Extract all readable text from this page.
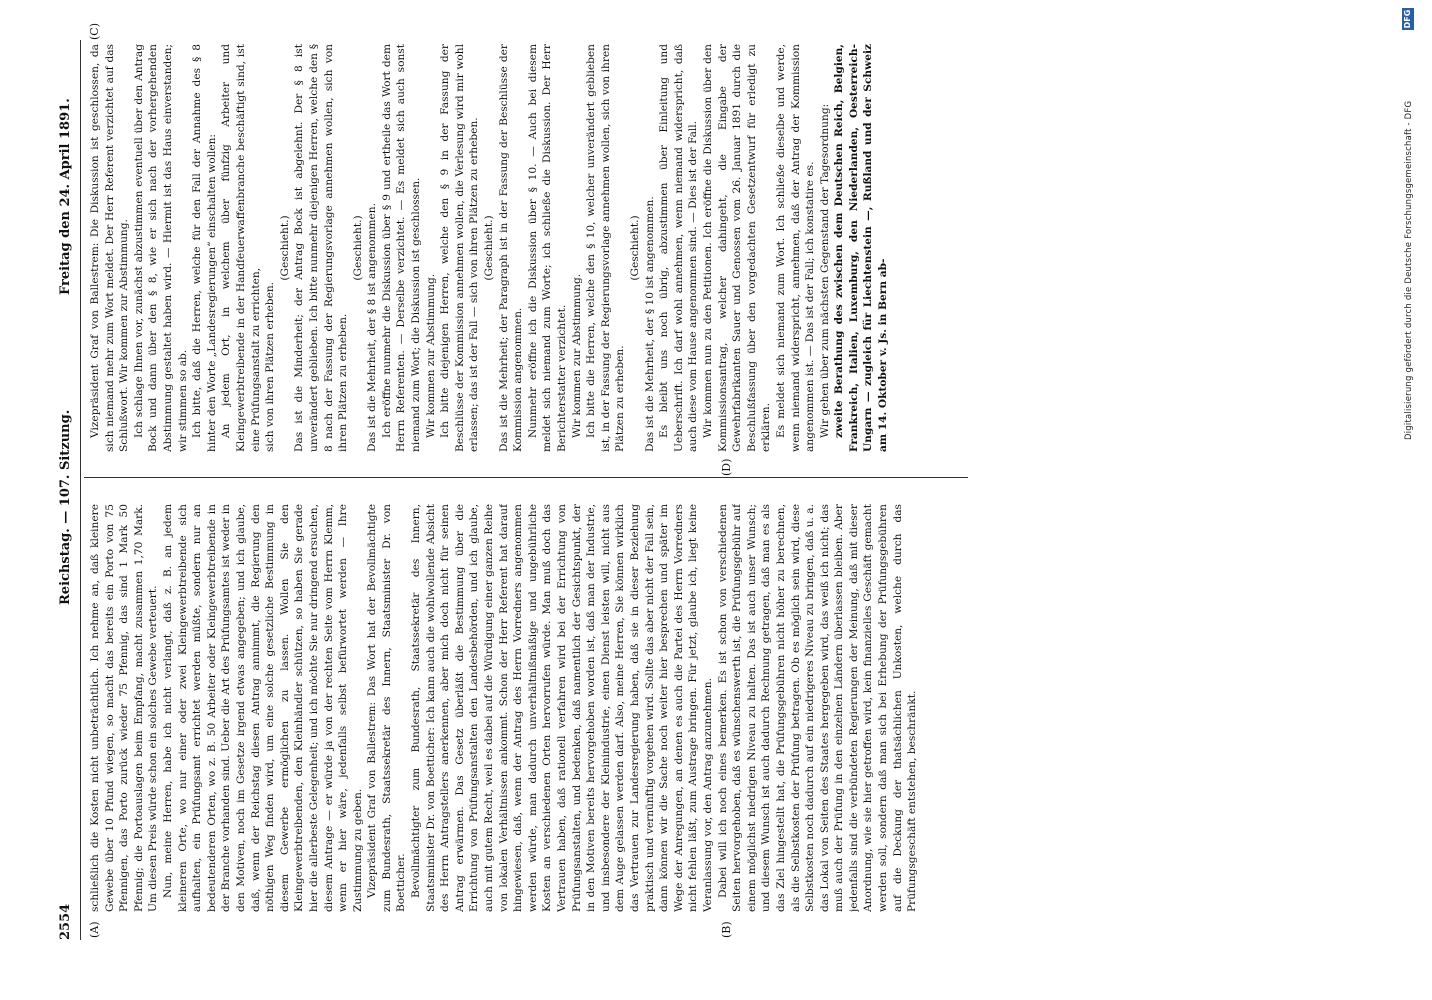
2554
Reichstag. — 107. Sitzung.
Freitag den 24. April 1891.
(A)	(B)
(C)
(D)

schließlich die Kosten nicht unbeträchtlich. Ich nehme an, daß kleinere Gewebe über 10 Pfund wiegen, so macht das bereits ein Porto von 75 Pfennigen, das Porto zurück wieder 75 Pfennig, das sind 1 Mark 50 Pfennig; die Portoauslagen beim Empfang, macht zusammen 1,70 Mark. Um diesen Preis würde schon ein solches Gewebe verteuert. Nun, meine Herren, habe ich nicht verlangt, daß z. B. an jedem kleineren Orte, wo nur einer oder zwei Kleingewerbtreibende sich aufhalten, ein Prüfungsamt errichtet werden müßte, sondern nur an bedeutenderen Orten, wo z. B. 50 Arbeiter oder Kleingewerbtreibende in der Branche vorhanden sind. Ueber die Art des Prüfungsamtes ist weder in den Motiven, noch im Gesetze irgend etwas angegeben; und ich glaube, daß, wenn der Reichstag diesen Antrag annimmt, die Regierung den nöthigen Weg finden wird, um eine solche gesetzliche Bestimmung in diesem Gewerbe ermöglichen zu lassen. Wollen Sie den Kleingewerbtreibenden, den Kleinhändler schützen, so haben Sie gerade hier die allerbeste Gelegenheit; und ich möchte Sie nur dringend ersuchen, diesem Antrage — er würde ja von der rechten Seite vom Herrn Klemm, wenn er hier wäre, jedenfalls selbst befürwortet werden — Ihre Zustimmung zu geben. Vizepräsident Graf von Ballestrem: Das Wort hat der Bevollmächtigte zum Bundesrath, Staatssekretär des Innern, Staatsminister Dr. von Boetticher. Bevollmächtigter zum Bundesrath, Staatssekretär des Innern, Staatsminister Dr. von Boetticher: Ich kann auch die wohlwollende Absicht des Herrn Antragstellers anerkennen, aber mich doch nicht für seinen Antrag erwärmen. Das Gesetz überläßt die Bestimmung über die Errichtung von Prüfungsanstalten den Landesbehörden, und ich glaube, auch mit gutem Recht, weil es dabei auf die Würdigung einer ganzen Reihe von lokalen Verhältnissen ankommt. Schon der Herr Referent hat darauf hingewiesen, daß, wenn der Antrag des Herrn Vorredners angenommen werden würde, man dadurch unverhältnißmäßige und ungebührliche Kosten an verschiedenen Orten hervorrufen würde. Man muß doch das Vertrauen haben, daß rationell verfahren wird bei der Errichtung von Prüfungsanstalten, und bedenken, daß namentlich der Gesichtspunkt, der in den Motiven bereits hervorgehoben worden ist, daß man der Industrie, und insbesondere der Kleinindustrie, einen Dienst leisten will, nicht aus dem Auge gelassen werden darf. Also, meine Herren, Sie können wirklich das Vertrauen zur Landesregierung haben, daß sie in dieser Beziehung praktisch und vernünftig vorgehen wird. Sollte das aber nicht der Fall sein, dann können wir die Sache noch weiter hier besprechen und später im Wege der Anregungen, an denen es auch die Partei des Herrn Vorredners nicht fehlen läßt, zum Austrage bringen. Für jetzt, glaube ich, liegt keine Veranlassung vor, den Antrag anzunehmen. Dabei will ich noch eines bemerken. Es ist schon von verschiedenen Seiten hervorgehoben, daß es wünschenswerth ist, die Prüfungsgebühr auf einem möglichst niedrigen Niveau zu halten. Das ist auch unser Wunsch; und diesem Wunsch ist auch dadurch Rechnung getragen, daß man es als das Ziel hingestellt hat, die Prüfungsgebühren nicht höher zu berechnen, als die Selbstkosten der Prüfung betragen. Ob es möglich sein wird, diese Selbstkosten noch dadurch auf ein niedrigeres Niveau zu bringen, daß u. a. das Lokal von Seiten des Staates hergegeben wird, das weiß ich nicht; das muß auch der Prüfung in den einzelnen Ländern überlassen bleiben. Aber jedenfalls sind die verbündeten Regierungen der Meinung, daß mit dieser Anordnung, wie sie hier getroffen wird, kein finanzielles Geschäft gemacht werden soll, sondern daß man sich bei Erhebung der Prüfungsgebühren auf die Deckung der thatsächlichen Unkosten, welche durch das Prüfungsgeschäft entstehen, beschränkt.

Vizepräsident Graf von Ballestrem: Die Diskussion ist geschlossen, da sich niemand mehr zum Wort meldet. Der Herr Referent verzichtet auf das Schlußwort. Wir kommen zur Abstimmung. Ich schlage Ihnen vor, zunächst abzustimmen eventuell über den Antrag Bock und dann über den § 8, wie er sich nach der vorhergehenden Abstimmung gestaltet haben wird. — Hiermit ist das Haus einverstanden; wir stimmen so ab. Ich bitte, daß die Herren, welche für den Fall der Annahme des § 8 hinter den Worte „Landesregierungen“ einschalten wollen: An jedem Ort, in welchem über fünfzig Arbeiter und Kleingewerbtreibende in der Handfeuerwaffenbranche beschäftigt sind, ist eine Prüfungsanstalt zu errichten, sich von ihren Plätzen erheben.

(Geschieht.) Das ist die Minderheit; der Antrag Bock ist abgelehnt. Der § 8 ist unverändert geblieben. Ich bitte nunmehr diejenigen Herren, welche den § 8 nach der Fassung der Regierungsvorlage annehmen wollen, sich von ihren Plätzen zu erheben.

(Geschieht.) Das ist die Mehrheit, der § 8 ist angenommen. Ich eröffne nunmehr die Diskussion über § 9 und ertheile das Wort dem Herrn Referenten. — Derselbe verzichtet. — Es meldet sich auch sonst niemand zum Wort; die Diskussion ist geschlossen. Wir kommen zur Abstimmung. Ich bitte diejenigen Herren, welche den § 9 in der Fassung der Beschlüsse der Kommission annehmen wollen, die Verlesung wird mir wohl erlassen; das ist der Fall — sich von ihren Plätzen zu erheben. (Geschieht.) Das ist die Mehrheit; der Paragraph ist in der Fassung der Beschlüsse der Kommission angenommen. Nunmehr eröffne ich die Diskussion über § 10. — Auch bei diesem meldet sich niemand zum Worte; ich schließe die Diskussion. Der Herr Berichterstatter verzichtet. Wir kommen zur Abstimmung. Ich bitte die Herren, welche den § 10, welcher unverändert geblieben ist, in der Fassung der Regierungsvorlage annehmen wollen, sich von ihren Plätzen zu erheben.

(Geschieht.) Das ist die Mehrheit, der § 10 ist angenommen. Es bleibt uns noch übrig, abzustimmen über Einleitung und Ueberschrift. Ich darf wohl annehmen, wenn niemand widerspricht, daß auch diese vom Hause angenommen sind. — Dies ist der Fall. Wir kommen nun zu den Petitionen. Ich eröffne die Diskussion über den Kommissionsantrag, welcher dahingeht, die Eingabe der Gewehrfabrikanten Sauer und Genossen vom 26. Januar 1891 durch die Beschlußfassung über den vorgedachten Gesetzentwurf für erledigt zu erklären. Es meldet sich niemand zum Wort. Ich schließe dieselbe und werde, wenn niemand widerspricht, annehmen, daß der Antrag der Kommission angenommen ist. — Das ist der Fall; ich konstatire es. Wir gehen über zum nächsten Gegenstand der Tagesordnung: zweite Berathung des zwischen dem Deutschen Reich, Belgien, Frankreich, Italien, Luxemburg, den Niederlanden, Oesterreich-Ungarn — zugleich für Liechtenstein —, Rußland und der Schweiz am 14. Oktober v. Js. in Bern ab-	Digitalisierung gefördert durch die Deutsche Forschungsgemeinschaft - DFG
DFG
